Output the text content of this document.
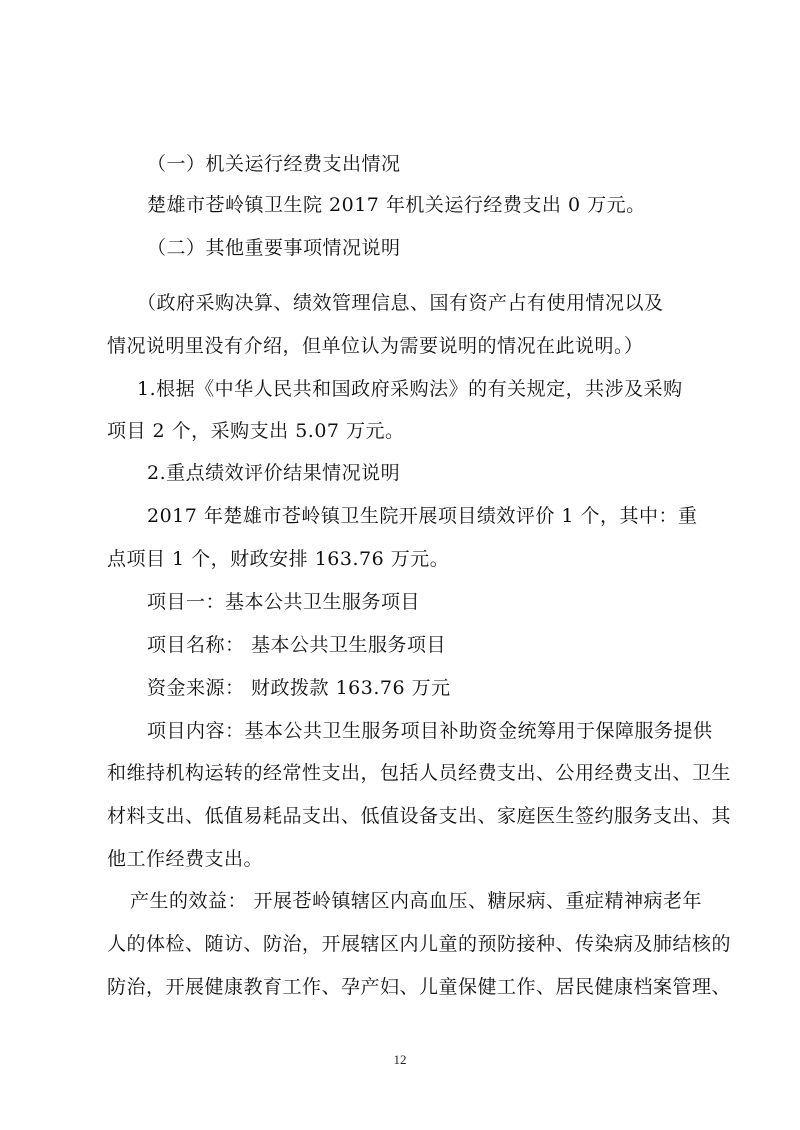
（一）机关运行经费支出情况
楚雄市苍岭镇卫生院 2017 年机关运行经费支出 0 万元。
（二）其他重要事项情况说明
（政府采购决算、绩效管理信息、国有资产占有使用情况以及
情况说明里没有介绍，但单位认为需要说明的情况在此说明。）
1.根据《中华人民共和国政府采购法》的有关规定，共涉及采购
项目 2 个，采购支出 5.07 万元。
2.重点绩效评价结果情况说明
2017 年楚雄市苍岭镇卫生院开展项目绩效评价 1 个，其中：重
点项目 1 个，财政安排 163.76 万元。
项目一：基本公共卫生服务项目
项目名称： 基本公共卫生服务项目
资金来源： 财政拨款 163.76 万元
项目内容：基本公共卫生服务项目补助资金统筹用于保障服务提供
和维持机构运转的经常性支出，包括人员经费支出、公用经费支出、卫生
材料支出、低值易耗品支出、低值设备支出、家庭医生签约服务支出、其
他工作经费支出。
产生的效益： 开展苍岭镇辖区内高血压、糖尿病、重症精神病老年
人的体检、随访、防治，开展辖区内儿童的预防接种、传染病及肺结核的
防治，开展健康教育工作、孕产妇、儿童保健工作、居民健康档案管理、
12
